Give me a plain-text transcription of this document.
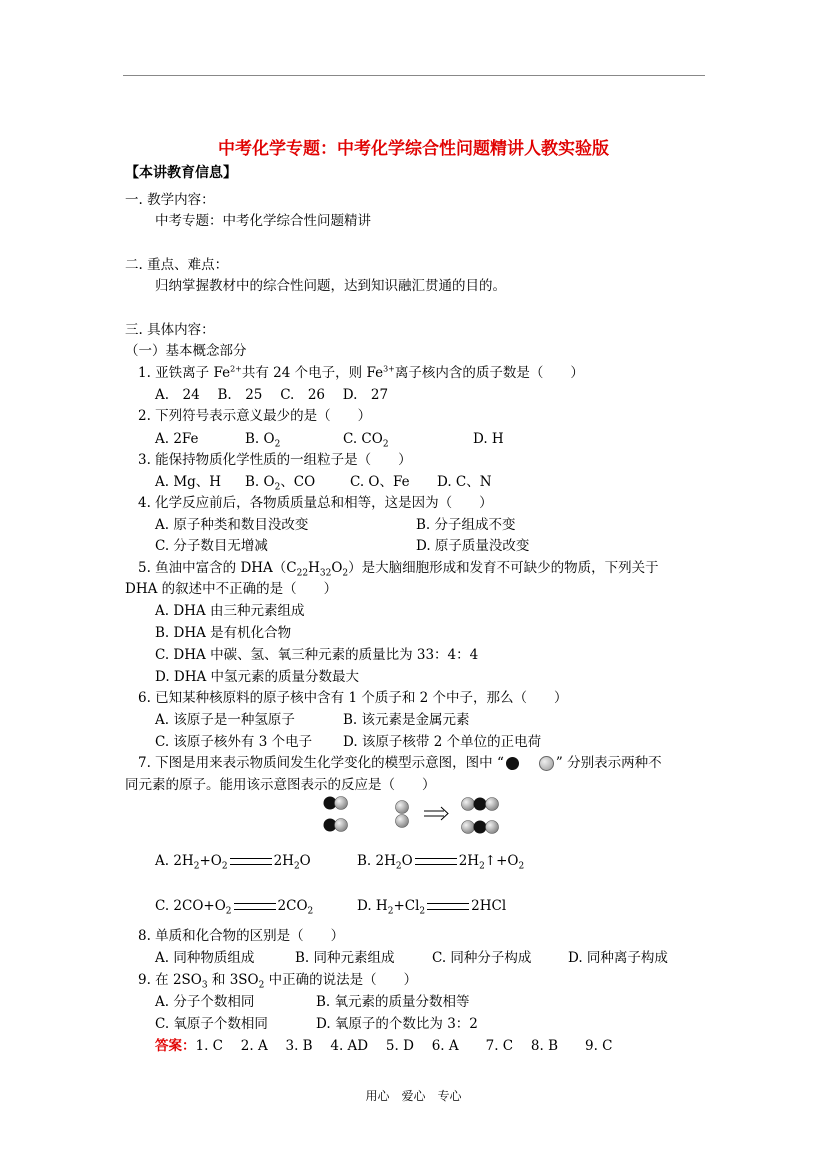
中考化学专题：中考化学综合性问题精讲人教实验版
【本讲教育信息】
一. 教学内容：
中考专题：中考化学综合性问题精讲
二. 重点、难点：
归纳掌握教材中的综合性问题，达到知识融汇贯通的目的。
三. 具体内容：
（一）基本概念部分
1. 亚铁离子 $Fe^{2+}$共有 24 个电子，则 $Fe^{3+}$离子核内含的质子数是（　　）
A.　24　 B.　25　 C.　26　 D.　27
2. 下列符号表示意义最少的是（　　）
A. 2Fe	B. $O_2$	C. $CO_2$	D. H
3. 能保持物质化学性质的一组粒子是（　　）
A. Mg、H B. $O_2$、CO	C. O、Fe D. C、N
4. 化学反应前后，各物质质量总和相等，这是因为（　　）
A. 原子种类和数目没改变	B. 分子组成不变
C. 分子数目无增减	D. 原子质量没改变
5. 鱼油中富含的 $DHA(C_{22}H_{32}O_2)$是大脑细胞形成和发育不可缺少的物质，下列关于
DHA 的叙述中不正确的是（　　）
A. DHA 由三种元素组成
B. DHA 是有机化合物
C. DHA 中碳、氢、氧三种元素的质量比为 33：4：4
D. DHA 中氢元素的质量分数最大
6. 已知某种核原料的原子核中含有 1 个质子和 2 个中子，那么（　　）
A. 该原子是一种氢原子	B. 该元素是金属元素
C. 该原子核外有 3 个电子 D. 该原子核带 2 个单位的正电荷
7. 下图是用来表示物质间发生化学变化的模型示意图，图中 “	” 分别表示两种不
同元素的原子。能用该示意图表示的反应是（　　）
A. $2H_2+O_2$	$2H_2O$	B. $2H_2O$	$2H_2↑+O_2$
C. $2CO+O_2$	$2CO_2$	D. $H_2+Cl_2$	2HCl
8. 单质和化合物的区别是（　　）
A. 同种物质组成	B. 同种元素组成	C. 同种分子构成	D. 同种离子构成
9. 在 $2SO_3$ 和 $3SO_2$ 中正确的说法是（　　）
A. 分子个数相同	B. 氧元素的质量分数相等
C. 氧原子个数相同	D. 氧原子的个数比为 3：2
答案：1. C　 2. A　 3. B　 4. AD　 5. D　 6. A　　7. C　 8. B　　9. C
用心　爱心　专心
